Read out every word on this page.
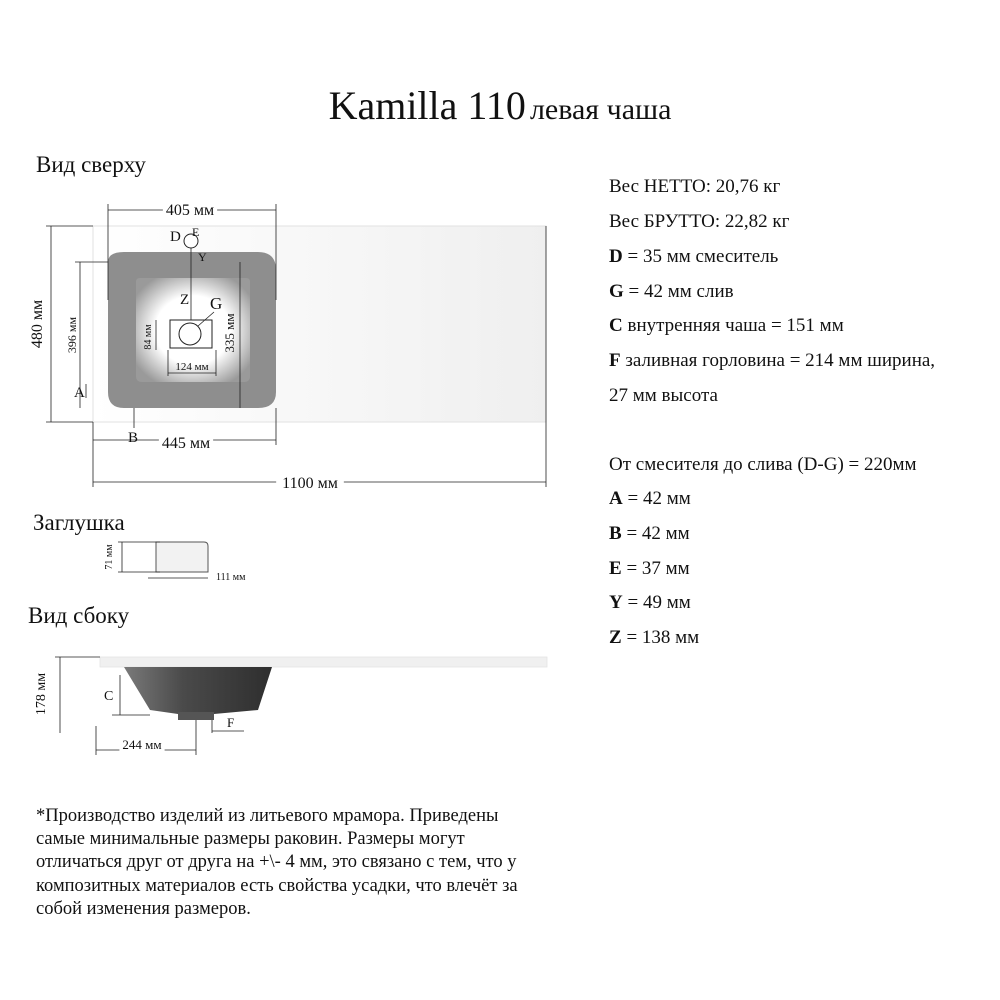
Kamilla 110 левая чаша
Вид сверху
Заглушка
Вид сбоку
405 мм
480 мм 396 мм	335 мм
84 мм
124 мм
445 мм
1100 мм
A
B
D E
Y
Z G
71 мм
111 мм
178 мм	C
F
244 мм
Вес НЕТТО: 20,76 кг
Вес БРУТТО: 22,82 кг
D = 35 мм смеситель
G = 42 мм слив
C внутренняя чаша = 151 мм
F заливная горловина = 214 мм ширина,
27 мм высота
От смесителя до слива (D-G) = 220мм
A = 42 мм
B = 42 мм
E = 37 мм
Y = 49 мм
Z = 138 мм
*Производство изделий из литьевого мрамора. Приведены
самые минимальные размеры раковин. Размеры могут
отличаться друг от друга на +\- 4 мм, это связано с тем, что у
композитных материалов есть свойства усадки, что влечёт за
собой изменения размеров.
